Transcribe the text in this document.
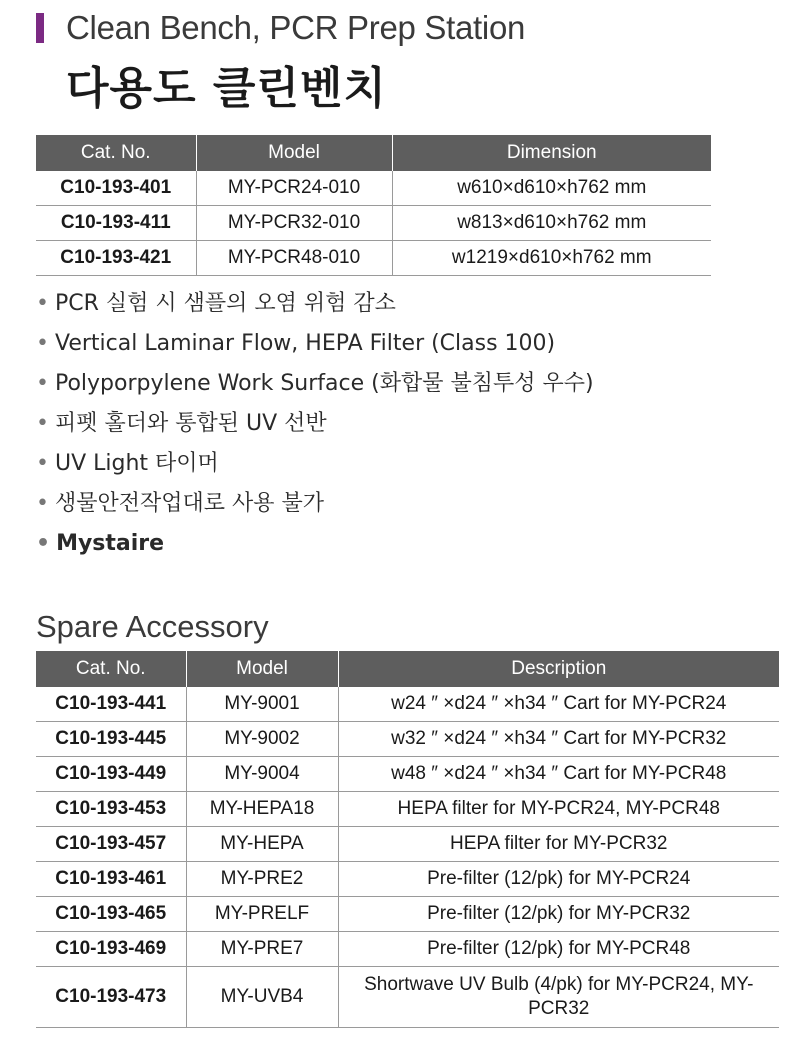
Clean Bench, PCR Prep Station
다용도 클린벤치
Cat. No.	Model	Dimension
C10-193-401	MY-PCR24-010	w610×d610×h762 mm
C10-193-411	MY-PCR32-010	w813×d610×h762 mm
C10-193-421	MY-PCR48-010	w1219×d610×h762 mm
• PCR 실험 시 샘플의 오염 위험 감소
• Vertical Laminar Flow, HEPA Filter (Class 100)
• Polyporpylene Work Surface (화합물 불침투성 우수)
• 피펫 홀더와 통합된 UV 선반
• UV Light 타이머
• 생물안전작업대로 사용 불가
• Mystaire
Spare Accessory
Cat. No.	Model	Description
C10-193-441	MY-9001	w24 ″ ×d24 ″ ×h34 ″ Cart for MY-PCR24
C10-193-445	MY-9002	w32 ″ ×d24 ″ ×h34 ″ Cart for MY-PCR32
C10-193-449	MY-9004	w48 ″ ×d24 ″ ×h34 ″ Cart for MY-PCR48
C10-193-453	MY-HEPA18	HEPA filter for MY-PCR24, MY-PCR48
C10-193-457	MY-HEPA	HEPA filter for MY-PCR32
C10-193-461	MY-PRE2	Pre-filter (12/pk) for MY-PCR24
C10-193-465	MY-PRELF	Pre-filter (12/pk) for MY-PCR32
C10-193-469	MY-PRE7	Pre-filter (12/pk) for MY-PCR48
C10-193-473	MY-UVB4	Shortwave UV Bulb (4/pk) for MY-PCR24, MY-PCR32
